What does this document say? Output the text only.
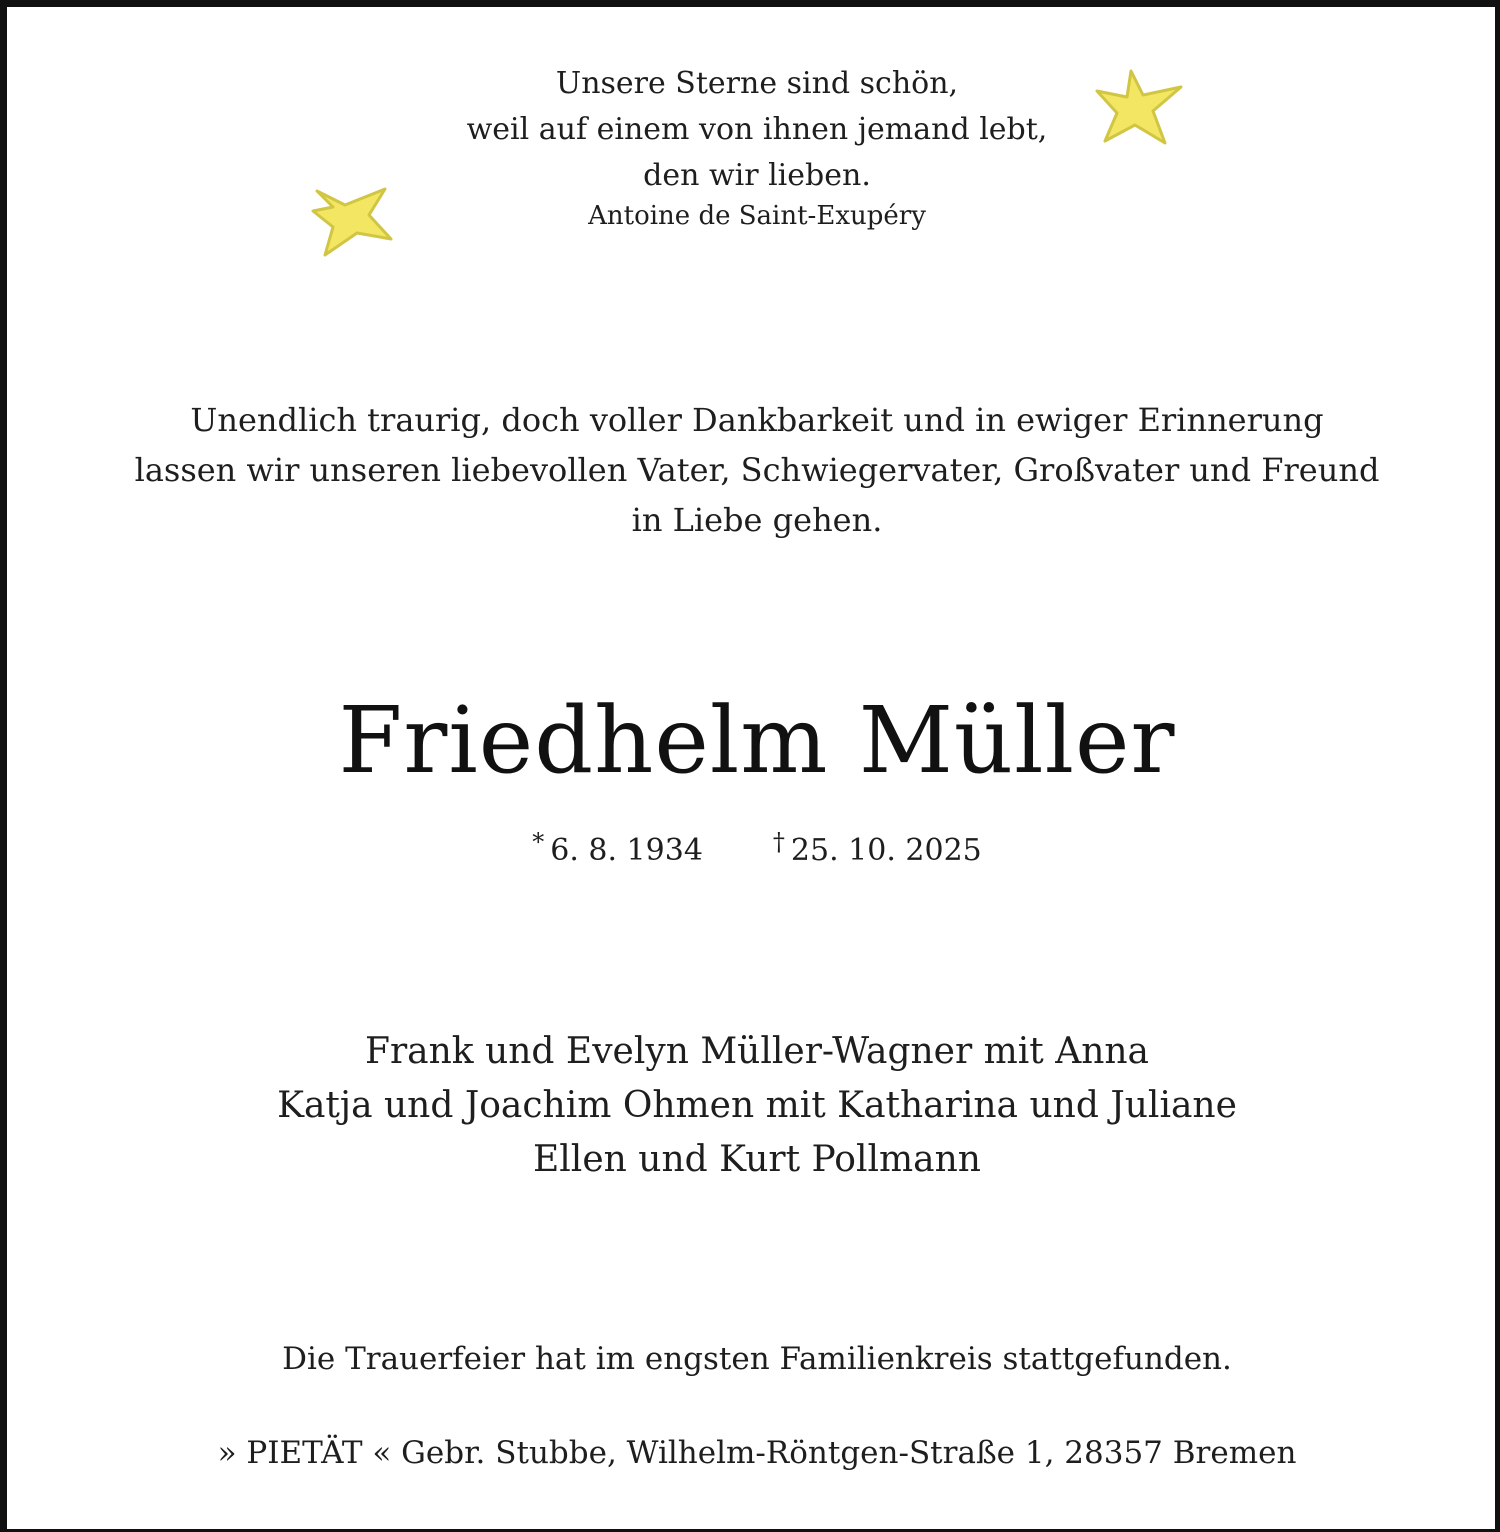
Unsere Sterne sind schön,
weil auf einem von ihnen jemand lebt,
den wir lieben.
Antoine de Saint-Exupéry
Unendlich traurig, doch voller Dankbarkeit und in ewiger Erinnerung
lassen wir unseren liebevollen Vater, Schwiegervater, Großvater und Freund
in Liebe gehen.
Friedhelm Müller
* 6. 8. 1934	† 25. 10. 2025
Frank und Evelyn Müller-Wagner mit Anna
Katja und Joachim Ohmen mit Katharina und Juliane
Ellen und Kurt Pollmann
Die Trauerfeier hat im engsten Familienkreis stattgefunden.
» PIETÄT « Gebr. Stubbe, Wilhelm-Röntgen-Straße 1, 28357 Bremen
